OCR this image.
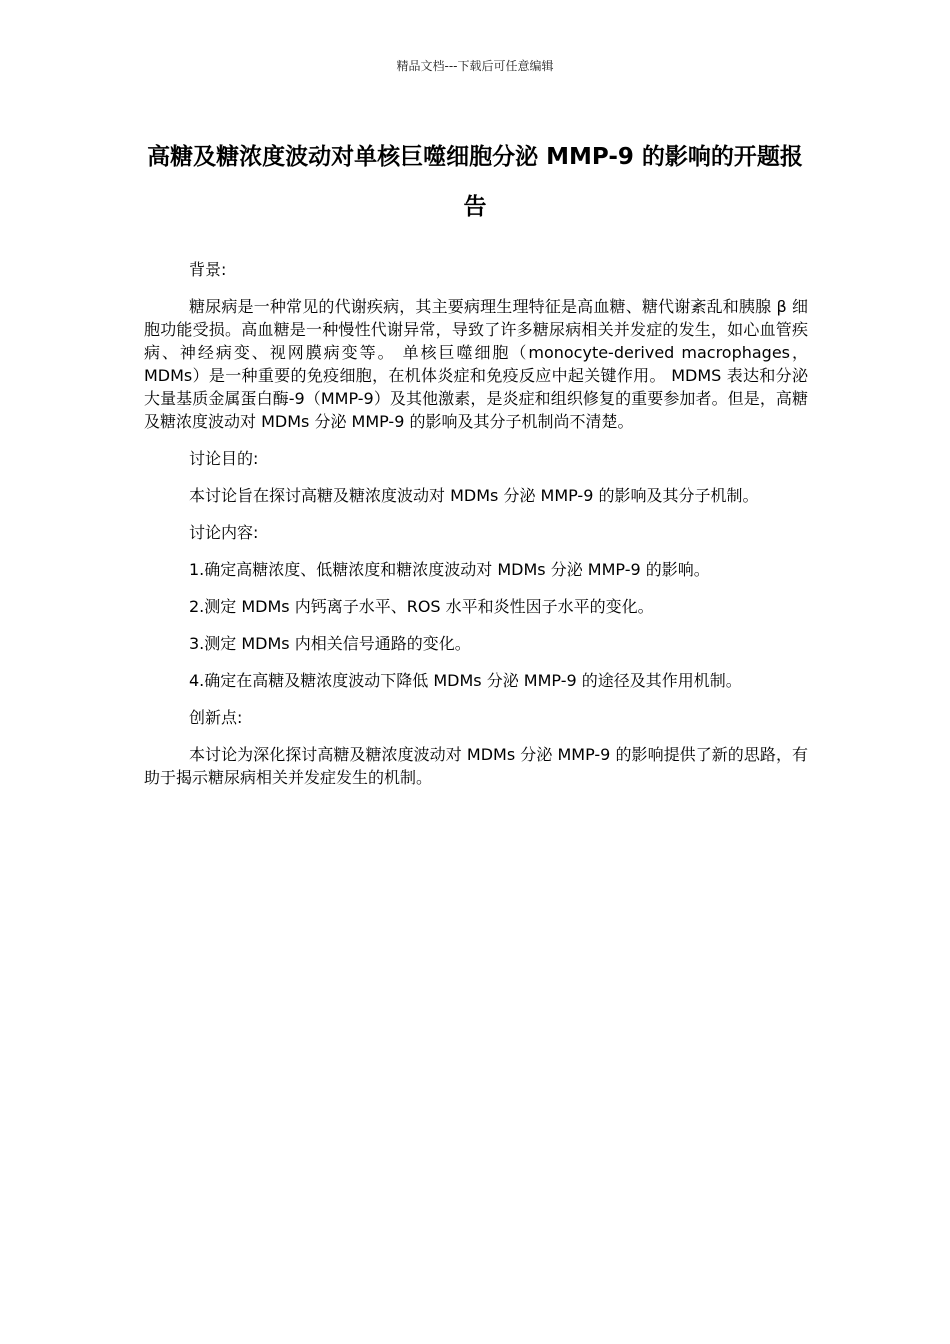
精品文档---下载后可任意编辑
高糖及糖浓度波动对单核巨噬细胞分泌 MMP-9 的影响的开题报告

背景:

糖尿病是一种常见的代谢疾病，其主要病理生理特征是高血糖、糖代谢紊乱和胰腺 β 细胞功能受损。高血糖是一种慢性代谢异常，导致了许多糖尿病相关并发症的发生，如心血管疾病、神经病变、视网膜病变等。 单核巨噬细胞（monocyte-derived macrophages，MDMs）是一种重要的免疫细胞，在机体炎症和免疫反应中起关键作用。 MDMS 表达和分泌大量基质金属蛋白酶-9（MMP-9）及其他激素，是炎症和组织修复的重要参加者。但是，高糖及糖浓度波动对 MDMs 分泌 MMP-9 的影响及其分子机制尚不清楚。

讨论目的:

本讨论旨在探讨高糖及糖浓度波动对 MDMs 分泌 MMP-9 的影响及其分子机制。

讨论内容:

1.确定高糖浓度、低糖浓度和糖浓度波动对 MDMs 分泌 MMP-9 的影响。

2.测定 MDMs 内钙离子水平、ROS 水平和炎性因子水平的变化。

3.测定 MDMs 内相关信号通路的变化。

4.确定在高糖及糖浓度波动下降低 MDMs 分泌 MMP-9 的途径及其作用机制。

创新点:

本讨论为深化探讨高糖及糖浓度波动对 MDMs 分泌 MMP-9 的影响提供了新的思路，有助于揭示糖尿病相关并发症发生的机制。
